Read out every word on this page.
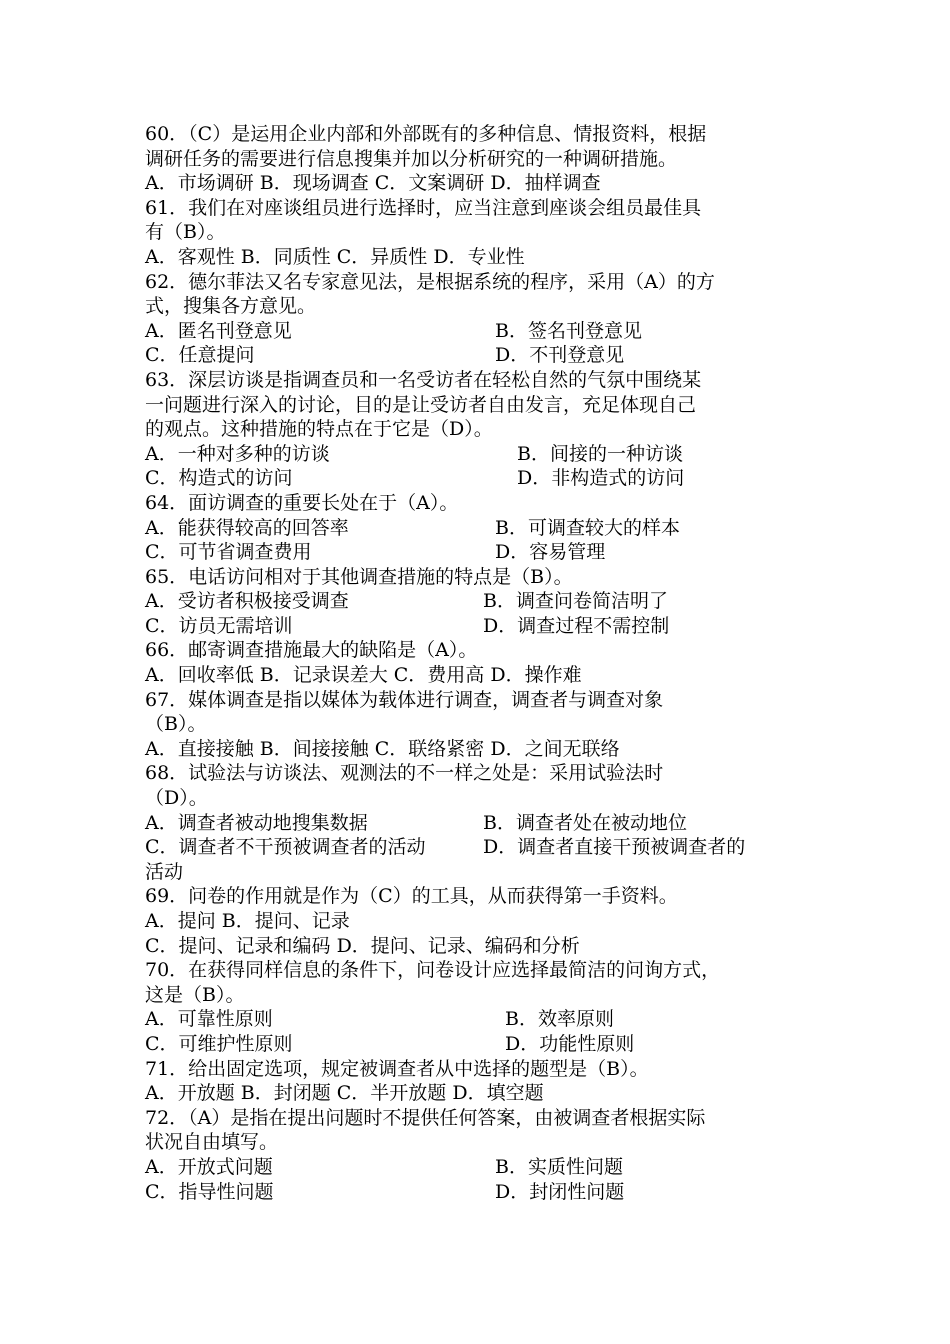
60．（C）是运用企业内部和外部既有的多种信息、情报资料，根据
调研任务的需要进行信息搜集并加以分析研究的一种调研措施。
A．市场调研 B．现场调查 C．文案调研 D．抽样调查
61．我们在对座谈组员进行选择时，应当注意到座谈会组员最佳具
有（B）。
A．客观性 B．同质性 C．异质性 D．专业性
62．德尔菲法又名专家意见法，是根据系统的程序，采用（A）的方
式，搜集各方意见。
A．匿名刊登意见	B．签名刊登意见
C．任意提问	D．不刊登意见
63．深层访谈是指调查员和一名受访者在轻松自然的气氛中围绕某
一问题进行深入的讨论，目的是让受访者自由发言，充足体现自己
的观点。这种措施的特点在于它是（D）。
A．一种对多种的访谈	B．间接的一种访谈
C．构造式的访问	D．非构造式的访问
64．面访调查的重要长处在于（A）。
A．能获得较高的回答率	B．可调查较大的样本
C．可节省调查费用	D．容易管理
65．电话访问相对于其他调查措施的特点是（B）。
A．受访者积极接受调查	B．调查问卷简洁明了
C．访员无需培训	D．调查过程不需控制
66．邮寄调查措施最大的缺陷是（A）。
A．回收率低 B．记录误差大 C．费用高 D．操作难
67．媒体调查是指以媒体为载体进行调查，调查者与调查对象
（B）。
A．直接接触 B．间接接触 C．联络紧密 D．之间无联络
68．试验法与访谈法、观测法的不一样之处是：采用试验法时
（D）。
A．调查者被动地搜集数据	B．调查者处在被动地位
C．调查者不干预被调查者的活动	D．调查者直接干预被调查者的
活动
69．问卷的作用就是作为（C）的工具，从而获得第一手资料。
A．提问 B．提问、记录
C．提问、记录和编码 D．提问、记录、编码和分析
70．在获得同样信息的条件下，问卷设计应选择最简洁的问询方式，
这是（B）。
A．可靠性原则	B．效率原则
C．可维护性原则	D．功能性原则
71．给出固定选项，规定被调查者从中选择的题型是（B）。
A．开放题 B．封闭题 C．半开放题 D．填空题
72．（A）是指在提出问题时不提供任何答案，由被调查者根据实际
状况自由填写。
A．开放式问题	B．实质性问题
C．指导性问题	D．封闭性问题
